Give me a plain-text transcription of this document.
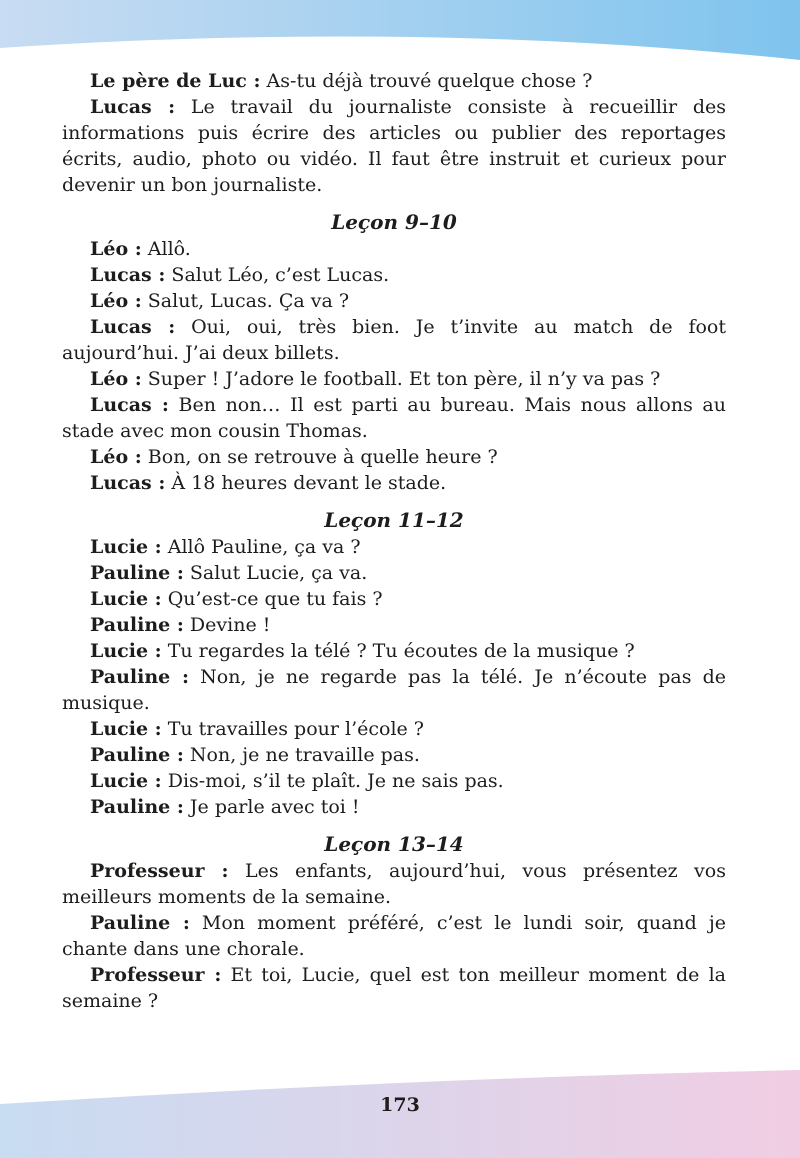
Le père de Luc : As-tu déjà trouvé quelque chose ?

Lucas : Le travail du journaliste consiste à recueillir des informations puis écrire des articles ou publier des reportages écrits, audio, photo ou vidéo. Il faut être instruit et curieux pour devenir un bon journaliste.

Leçon 9–10

Léo : Allô.

Lucas : Salut Léo, c’est Lucas.

Léo : Salut, Lucas. Ça va ?

Lucas : Oui, oui, très bien. Je t’invite au match de foot aujourd’hui. J’ai deux billets.

Léo : Super ! J’adore le football. Et ton père, il n’y va pas ?

Lucas : Ben non… Il est parti au bureau. Mais nous allons au stade avec mon cousin Thomas.

Léo : Bon, on se retrouve à quelle heure ?

Lucas : À 18 heures devant le stade.

Leçon 11–12

Lucie : Allô Pauline, ça va ?

Pauline : Salut Lucie, ça va.

Lucie : Qu’est-ce que tu fais ?

Pauline : Devine !

Lucie : Tu regardes la télé ? Tu écoutes de la musique ?

Pauline : Non, je ne regarde pas la télé. Je n’écoute pas de musique.

Lucie : Tu travailles pour l’école ?

Pauline : Non, je ne travaille pas.

Lucie : Dis-moi, s’il te plaît. Je ne sais pas.

Pauline : Je parle avec toi !

Leçon 13–14

Professeur : Les enfants, aujourd’hui, vous présentez vos meilleurs moments de la semaine.

Pauline : Mon moment préféré, c’est le lundi soir, quand je chante dans une chorale.

Professeur : Et toi, Lucie, quel est ton meilleur moment de la semaine ?

173
